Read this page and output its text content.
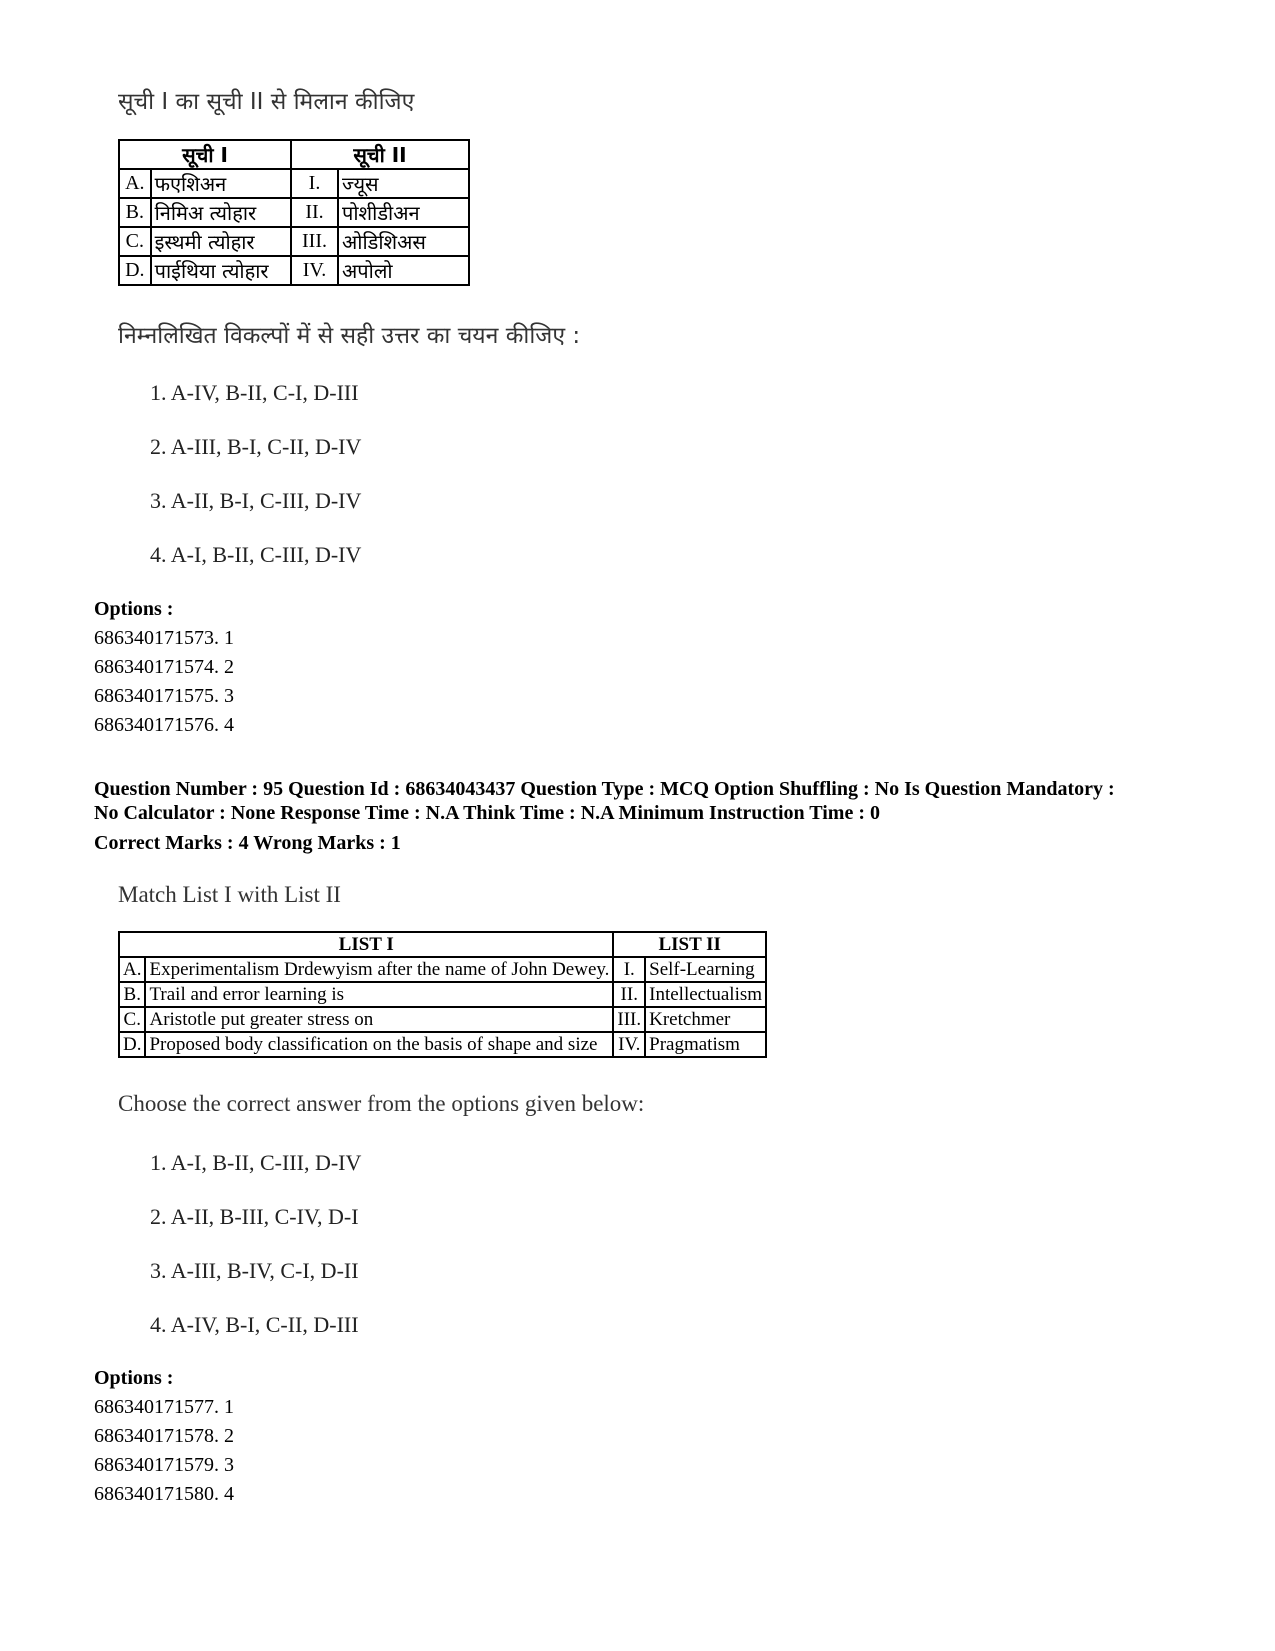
सूची I का सूची II से मिलान कीजिए
सूची I		सूची II	
A.	फएशिअन	I.	ज्यूस
B.	निमिअ त्योहार	II.	पोशीडीअन
C.	इस्थमी त्योहार	III.	ओडिशिअस
D.	पाईथिया त्योहार	IV.	अपोलो
निम्नलिखित विकल्पों में से सही उत्तर का चयन कीजिए :
1. A-IV, B-II, C-I, D-III
2. A-III, B-I, C-II, D-IV
3. A-II, B-I, C-III, D-IV
4. A-I, B-II, C-III, D-IV
Options :
686340171573. 1
686340171574. 2
686340171575. 3
686340171576. 4
Question Number : 95 Question Id : 68634043437 Question Type : MCQ Option Shuffling : No Is Question Mandatory :
No Calculator : None Response Time : N.A Think Time : N.A Minimum Instruction Time : 0
Correct Marks : 4 Wrong Marks : 1
Match List I with List II
LIST I		LIST II	
A.	Experimentalism Drdewyism after the name of John Dewey.	I.	Self-Learning
B.	Trail and error learning is	II.	Intellectualism
C.	Aristotle put greater stress on	III.	Kretchmer
D.	Proposed body classification on the basis of shape and size	IV.	Pragmatism
Choose the correct answer from the options given below:
1. A-I, B-II, C-III, D-IV
2. A-II, B-III, C-IV, D-I
3. A-III, B-IV, C-I, D-II
4. A-IV, B-I, C-II, D-III
Options :
686340171577. 1
686340171578. 2
686340171579. 3
686340171580. 4
